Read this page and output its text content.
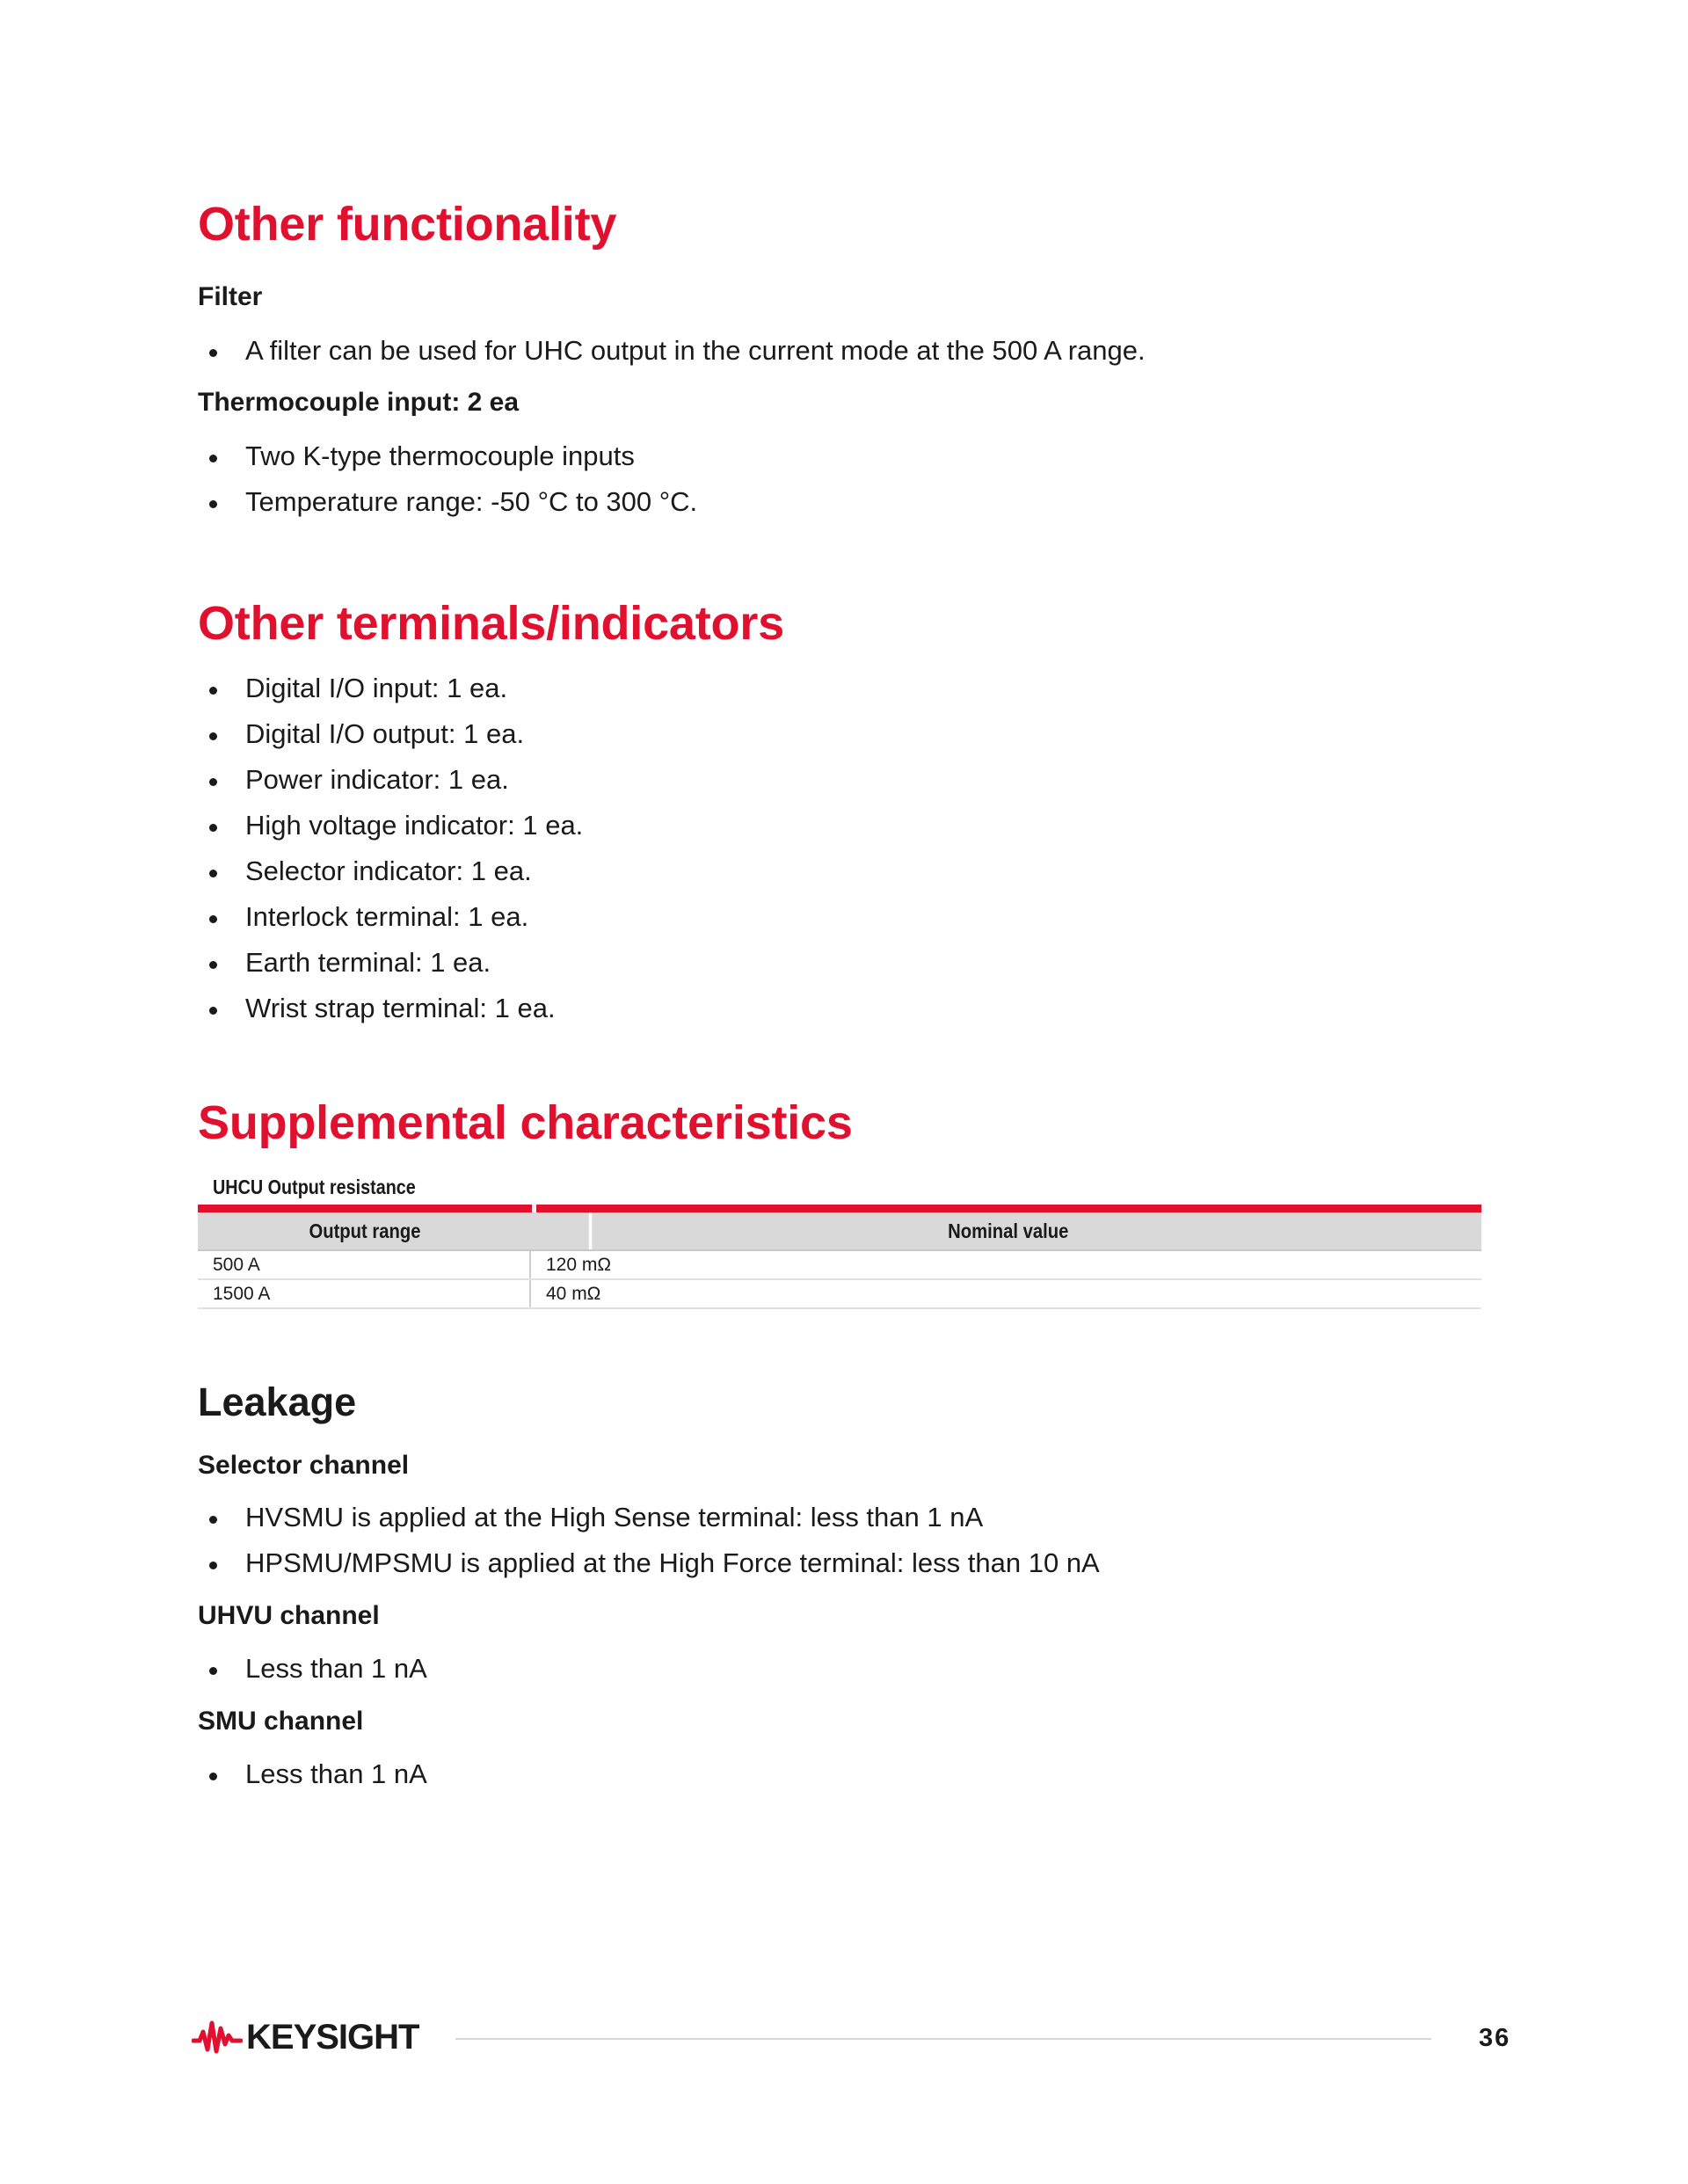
Other functionality
Filter
A filter can be used for UHC output in the current mode at the 500 A range.
Thermocouple input: 2 ea
Two K-type thermocouple inputs
Temperature range: -50 °C to 300 °C.
Other terminals/indicators
Digital I/O input: 1 ea.
Digital I/O output: 1 ea.
Power indicator: 1 ea.
High voltage indicator: 1 ea.
Selector indicator: 1 ea.
Interlock terminal: 1 ea.
Earth terminal: 1 ea.
Wrist strap terminal: 1 ea.
Supplemental characteristics
UHCU Output resistance
Output range	Nominal value
500 A	120 mΩ
1500 A	40 mΩ
Leakage
Selector channel
HVSMU is applied at the High Sense terminal: less than 1 nA
HPSMU/MPSMU is applied at the High Force terminal: less than 10 nA
UHVU channel
Less than 1 nA
SMU channel
Less than 1 nA
KEYSIGHT	36
